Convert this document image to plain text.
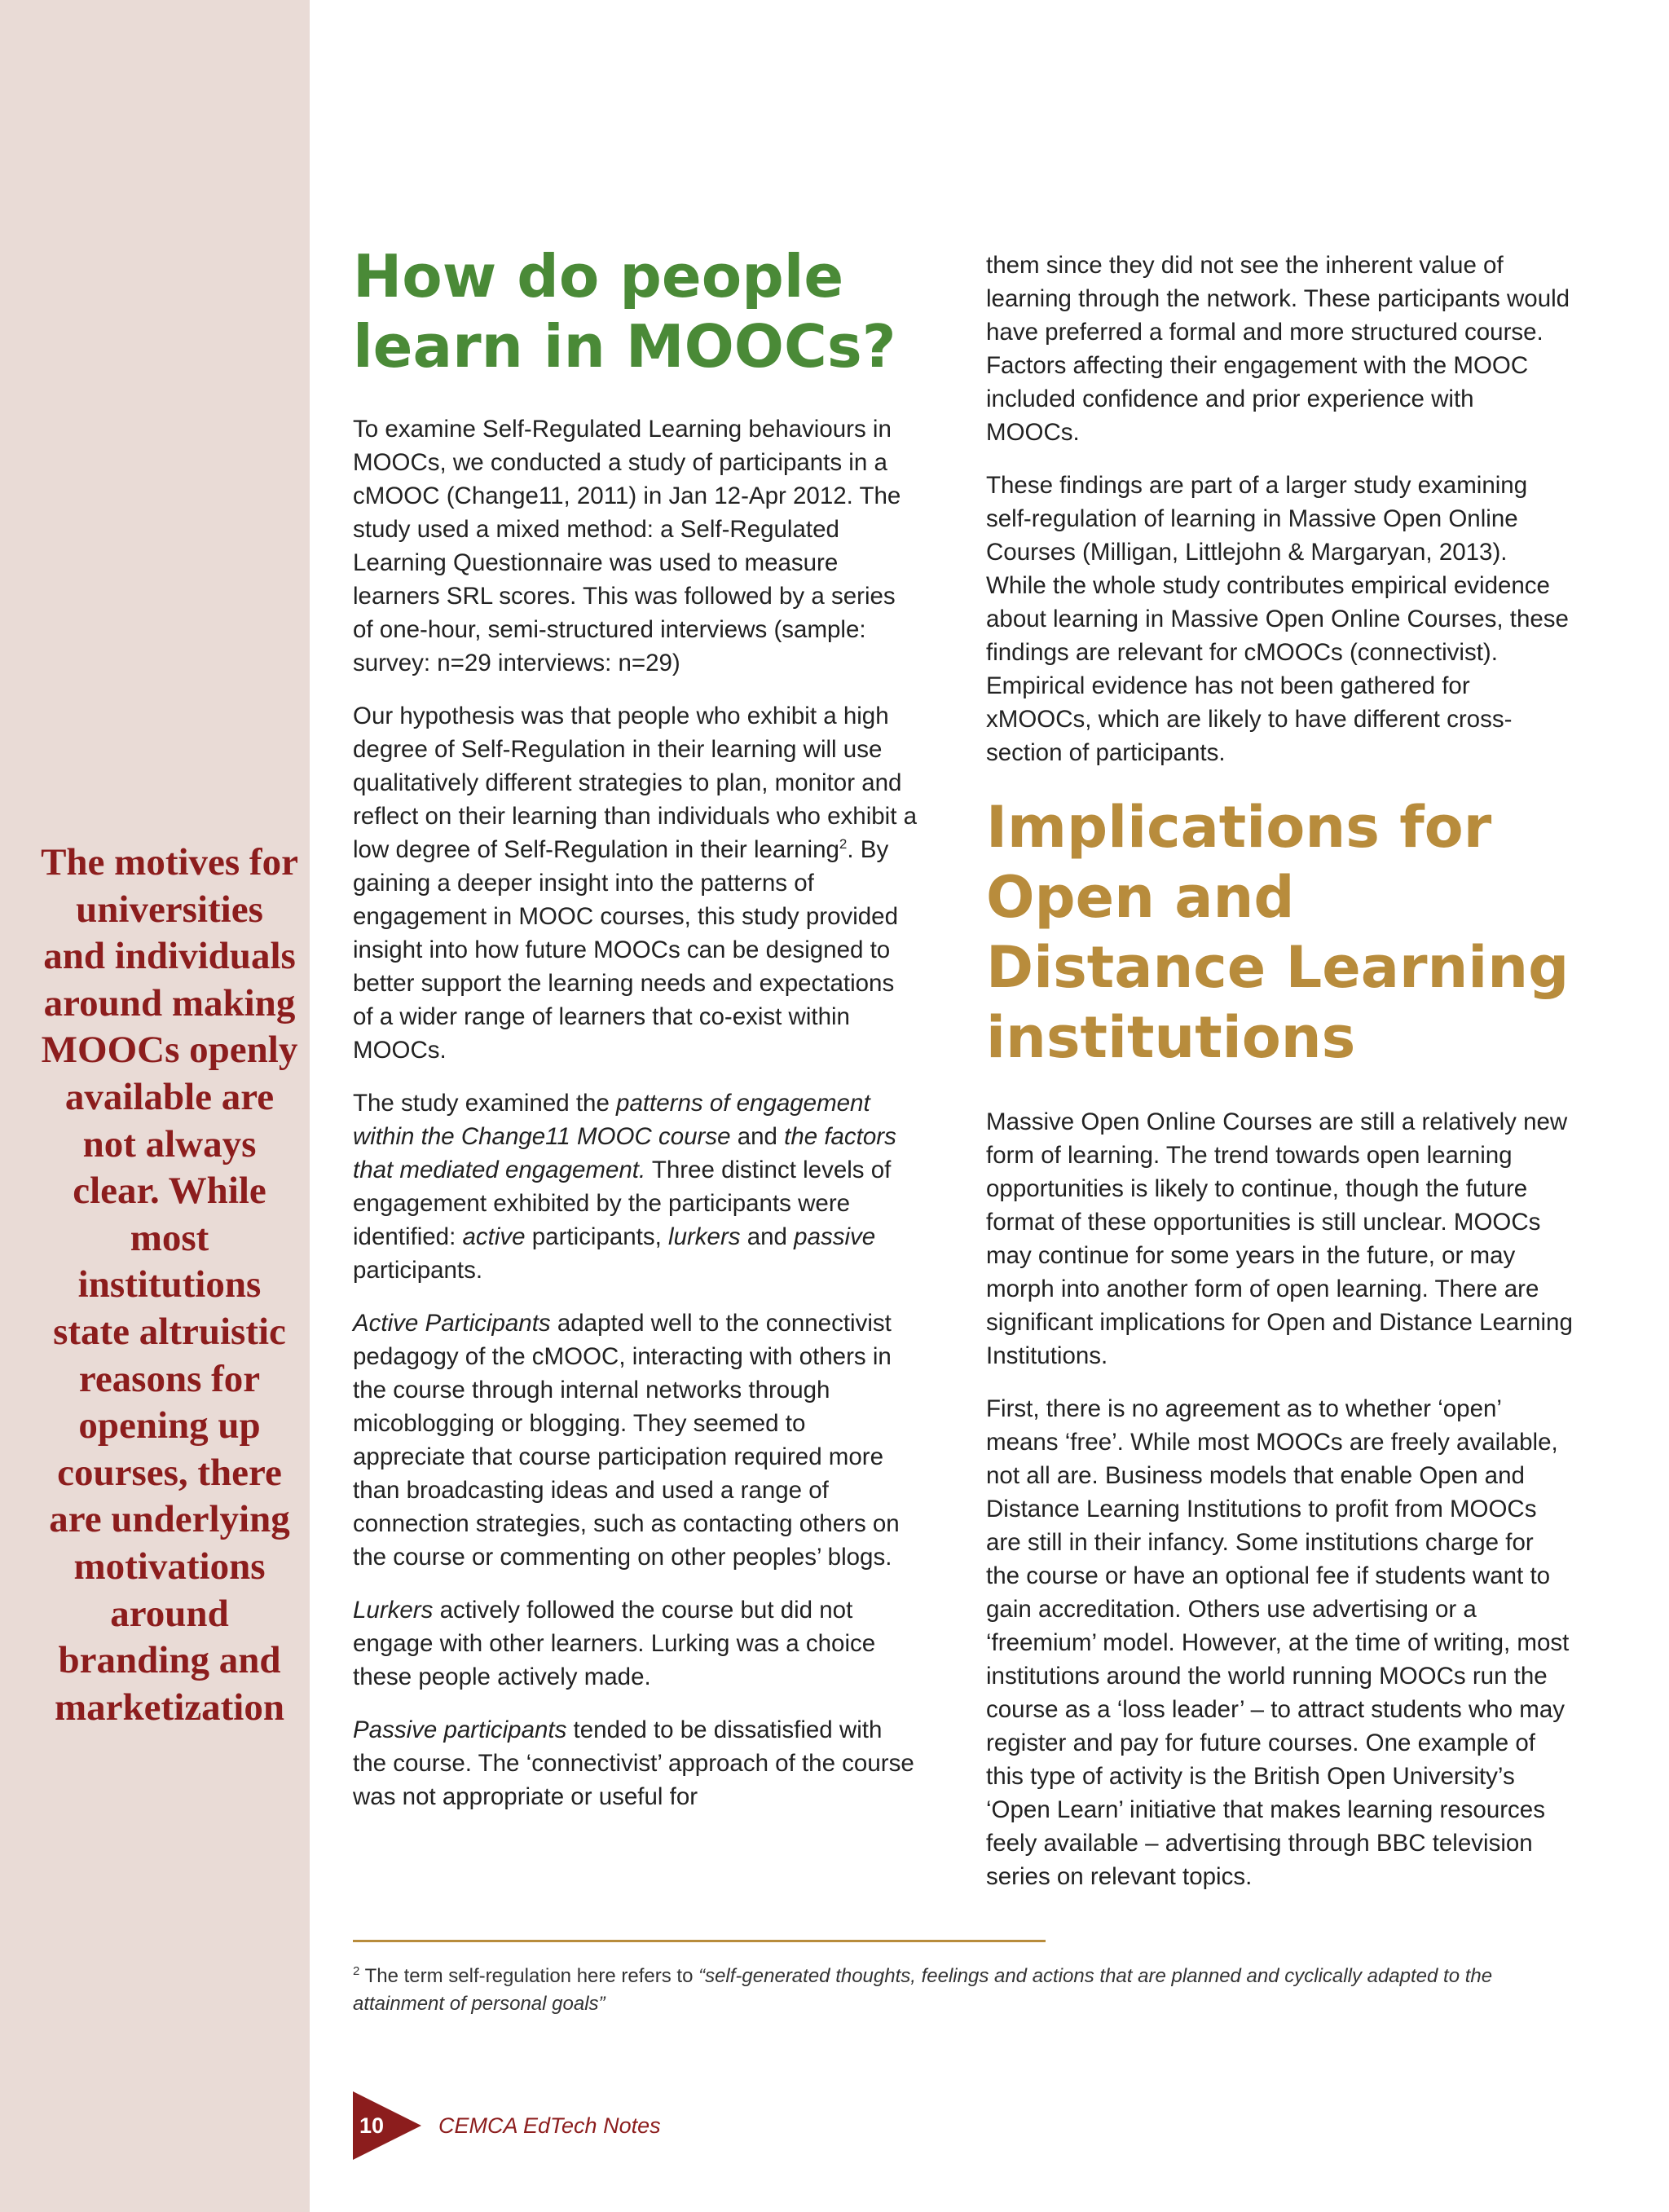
The motives for universities and individuals around making MOOCs openly available are not always clear. While most institutions state altruistic reasons for opening up courses, there are underlying motivations around branding and marketization

How do people learn in MOOCs?

To examine Self-Regulated Learning behaviours in MOOCs, we conducted a study of participants in a cMOOC (Change11, 2011) in Jan 12-Apr 2012. The study used a mixed method: a Self-Regulated Learning Questionnaire was used to measure learners SRL scores. This was followed by a series of one-hour, semi-structured interviews (sample: survey: n=29 interviews: n=29)

Our hypothesis was that people who exhibit a high degree of Self-Regulation in their learning will use qualitatively different strategies to plan, monitor and reflect on their learning than individuals who exhibit a low degree of Self-Regulation in their learning$^2$. By gaining a deeper insight into the patterns of engagement in MOOC courses, this study provided insight into how future MOOCs can be designed to better support the learning needs and expectations of a wider range of learners that co-exist within MOOCs.

The study examined the patterns of engagement within the Change11 MOOC course and the factors that mediated engagement. Three distinct levels of engagement exhibited by the participants were identified: active participants, lurkers and passive participants.

Active Participants adapted well to the connectivist pedagogy of the cMOOC, interacting with others in the course through internal networks through micoblogging or blogging. They seemed to appreciate that course participation required more than broadcasting ideas and used a range of connection strategies, such as contacting others on the course or commenting on other peoples’ blogs.

Lurkers actively followed the course but did not engage with other learners. Lurking was a choice these people actively made.

Passive participants tended to be dissatisfied with the course. The ‘connectivist’ approach of the course was not appropriate or useful for

them since they did not see the inherent value of learning through the network. These participants would have preferred a formal and more structured course. Factors affecting their engagement with the MOOC included confidence and prior experience with MOOCs.

These findings are part of a larger study examining self-regulation of learning in Massive Open Online Courses (Milligan, Littlejohn & Margaryan, 2013). While the whole study contributes empirical evidence about learning in Massive Open Online Courses, these findings are relevant for cMOOCs (connectivist). Empirical evidence has not been gathered for xMOOCs, which are likely to have different cross-section of participants.

Implications for Open and Distance Learning institutions

Massive Open Online Courses are still a relatively new form of learning. The trend towards open learning opportunities is likely to continue, though the future format of these opportunities is still unclear. MOOCs may continue for some years in the future, or may morph into another form of open learning. There are significant implications for Open and Distance Learning Institutions.

First, there is no agreement as to whether ‘open’ means ‘free’. While most MOOCs are freely available, not all are. Business models that enable Open and Distance Learning Institutions to profit from MOOCs are still in their infancy. Some institutions charge for the course or have an optional fee if students want to gain accreditation. Others use advertising or a ‘freemium’ model. However, at the time of writing, most institutions around the world running MOOCs run the course as a ‘loss leader’ – to attract students who may register and pay for future courses. One example of this type of activity is the British Open University’s ‘Open Learn’ initiative that makes learning resources feely available – advertising through BBC television series on relevant topics.

$^2$ The term self-regulation here refers to “self-generated thoughts, feelings and actions that are planned and cyclically adapted to the attainment of personal goals”

10	CEMCA EdTech Notes
